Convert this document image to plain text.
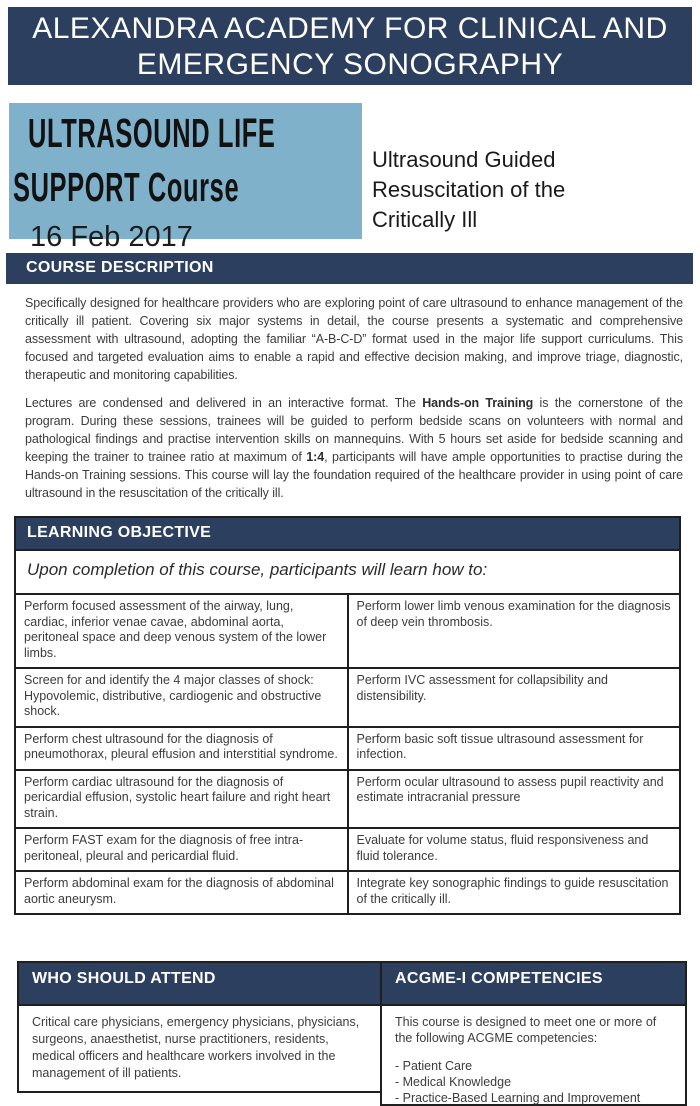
ALEXANDRA ACADEMY FOR CLINICAL AND
EMERGENCY SONOGRAPHY
ULTRASOUND LIFE
SUPPORT Course
16 Feb 2017
Ultrasound Guided Resuscitation of the Critically Ill
COURSE DESCRIPTION
Specifically designed for healthcare providers who are exploring point of care ultrasound to enhance management of the critically ill patient. Covering six major systems in detail, the course presents a systematic and comprehensive assessment with ultrasound, adopting the familiar “A-B-C-D” format used in the major life support curriculums. This focused and targeted evaluation aims to enable a rapid and effective decision making, and improve triage, diagnostic, therapeutic and monitoring capabilities.
Lectures are condensed and delivered in an interactive format. The Hands-on Training is the cornerstone of the program. During these sessions, trainees will be guided to perform bedside scans on volunteers with normal and pathological findings and practise intervention skills on mannequins. With 5 hours set aside for bedside scanning and keeping the trainer to trainee ratio at maximum of 1:4, participants will have ample opportunities to practise during the Hands-on Training sessions. This course will lay the foundation required of the healthcare provider in using point of care ultrasound in the resuscitation of the critically ill.
LEARNING OBJECTIVE	
Upon completion of this course, participants will learn how to:	
Perform focused assessment of the airway, lung, cardiac, inferior venae cavae, abdominal aorta, peritoneal space and deep venous system of the lower limbs.	Perform lower limb venous examination for the diagnosis of deep vein thrombosis.
Screen for and identify the 4 major classes of shock: Hypovolemic, distributive, cardiogenic and obstructive shock.	Perform IVC assessment for collapsibility and distensibility.
Perform chest ultrasound for the diagnosis of pneumothorax, pleural effusion and interstitial syndrome.	Perform basic soft tissue ultrasound assessment for infection.
Perform cardiac ultrasound for the diagnosis of pericardial effusion, systolic heart failure and right heart strain.	Perform ocular ultrasound to assess pupil reactivity and estimate intracranial pressure
Perform FAST exam for the diagnosis of free intra-peritoneal, pleural and pericardial fluid.	Evaluate for volume status, fluid responsiveness and fluid tolerance.
Perform abdominal exam for the diagnosis of abdominal aortic aneurysm.	Integrate key sonographic findings to guide resuscitation of the critically ill.
WHO SHOULD ATTEND
Critical care physicians, emergency physicians, physicians, surgeons, anaesthetist, nurse practitioners, residents, medical officers and healthcare workers involved in the management of ill patients.
ACGME-I COMPETENCIES
This course is designed to meet one or more of the following ACGME competencies:
- Patient Care
- Medical Knowledge
- Practice-Based Learning and Improvement
